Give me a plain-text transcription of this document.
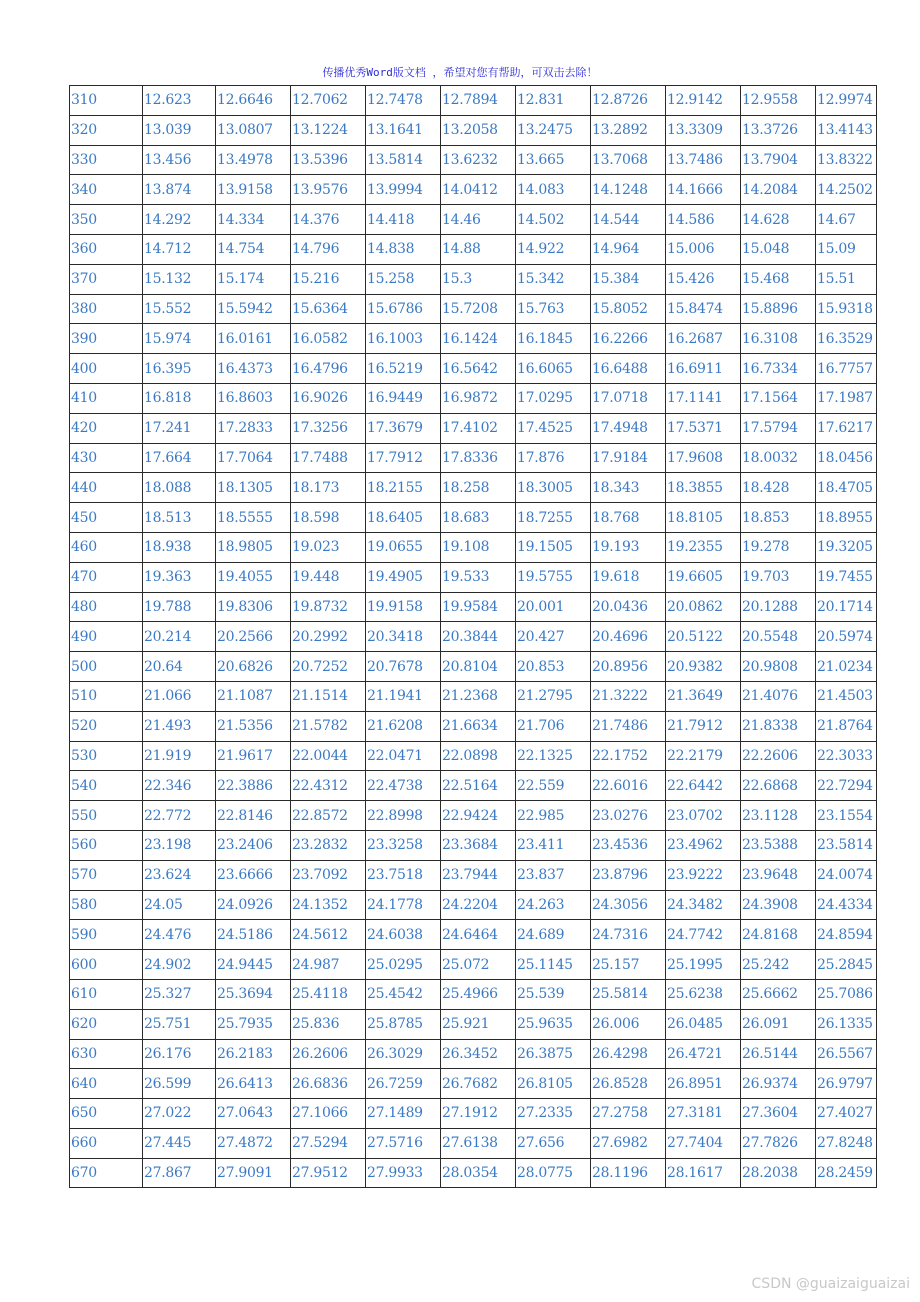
传播优秀Word版文档 ，希望对您有帮助，可双击去除！
310	12.623	12.6646	12.7062	12.7478	12.7894	12.831	12.8726	12.9142	12.9558	12.9974
320	13.039	13.0807	13.1224	13.1641	13.2058	13.2475	13.2892	13.3309	13.3726	13.4143
330	13.456	13.4978	13.5396	13.5814	13.6232	13.665	13.7068	13.7486	13.7904	13.8322
340	13.874	13.9158	13.9576	13.9994	14.0412	14.083	14.1248	14.1666	14.2084	14.2502
350	14.292	14.334	14.376	14.418	14.46	14.502	14.544	14.586	14.628	14.67
360	14.712	14.754	14.796	14.838	14.88	14.922	14.964	15.006	15.048	15.09
370	15.132	15.174	15.216	15.258	15.3	15.342	15.384	15.426	15.468	15.51
380	15.552	15.5942	15.6364	15.6786	15.7208	15.763	15.8052	15.8474	15.8896	15.9318
390	15.974	16.0161	16.0582	16.1003	16.1424	16.1845	16.2266	16.2687	16.3108	16.3529
400	16.395	16.4373	16.4796	16.5219	16.5642	16.6065	16.6488	16.6911	16.7334	16.7757
410	16.818	16.8603	16.9026	16.9449	16.9872	17.0295	17.0718	17.1141	17.1564	17.1987
420	17.241	17.2833	17.3256	17.3679	17.4102	17.4525	17.4948	17.5371	17.5794	17.6217
430	17.664	17.7064	17.7488	17.7912	17.8336	17.876	17.9184	17.9608	18.0032	18.0456
440	18.088	18.1305	18.173	18.2155	18.258	18.3005	18.343	18.3855	18.428	18.4705
450	18.513	18.5555	18.598	18.6405	18.683	18.7255	18.768	18.8105	18.853	18.8955
460	18.938	18.9805	19.023	19.0655	19.108	19.1505	19.193	19.2355	19.278	19.3205
470	19.363	19.4055	19.448	19.4905	19.533	19.5755	19.618	19.6605	19.703	19.7455
480	19.788	19.8306	19.8732	19.9158	19.9584	20.001	20.0436	20.0862	20.1288	20.1714
490	20.214	20.2566	20.2992	20.3418	20.3844	20.427	20.4696	20.5122	20.5548	20.5974
500	20.64	20.6826	20.7252	20.7678	20.8104	20.853	20.8956	20.9382	20.9808	21.0234
510	21.066	21.1087	21.1514	21.1941	21.2368	21.2795	21.3222	21.3649	21.4076	21.4503
520	21.493	21.5356	21.5782	21.6208	21.6634	21.706	21.7486	21.7912	21.8338	21.8764
530	21.919	21.9617	22.0044	22.0471	22.0898	22.1325	22.1752	22.2179	22.2606	22.3033
540	22.346	22.3886	22.4312	22.4738	22.5164	22.559	22.6016	22.6442	22.6868	22.7294
550	22.772	22.8146	22.8572	22.8998	22.9424	22.985	23.0276	23.0702	23.1128	23.1554
560	23.198	23.2406	23.2832	23.3258	23.3684	23.411	23.4536	23.4962	23.5388	23.5814
570	23.624	23.6666	23.7092	23.7518	23.7944	23.837	23.8796	23.9222	23.9648	24.0074
580	24.05	24.0926	24.1352	24.1778	24.2204	24.263	24.3056	24.3482	24.3908	24.4334
590	24.476	24.5186	24.5612	24.6038	24.6464	24.689	24.7316	24.7742	24.8168	24.8594
600	24.902	24.9445	24.987	25.0295	25.072	25.1145	25.157	25.1995	25.242	25.2845
610	25.327	25.3694	25.4118	25.4542	25.4966	25.539	25.5814	25.6238	25.6662	25.7086
620	25.751	25.7935	25.836	25.8785	25.921	25.9635	26.006	26.0485	26.091	26.1335
630	26.176	26.2183	26.2606	26.3029	26.3452	26.3875	26.4298	26.4721	26.5144	26.5567
640	26.599	26.6413	26.6836	26.7259	26.7682	26.8105	26.8528	26.8951	26.9374	26.9797
650	27.022	27.0643	27.1066	27.1489	27.1912	27.2335	27.2758	27.3181	27.3604	27.4027
660	27.445	27.4872	27.5294	27.5716	27.6138	27.656	27.6982	27.7404	27.7826	27.8248
670	27.867	27.9091	27.9512	27.9933	28.0354	28.0775	28.1196	28.1617	28.2038	28.2459
CSDN @guaizaiguaizai
